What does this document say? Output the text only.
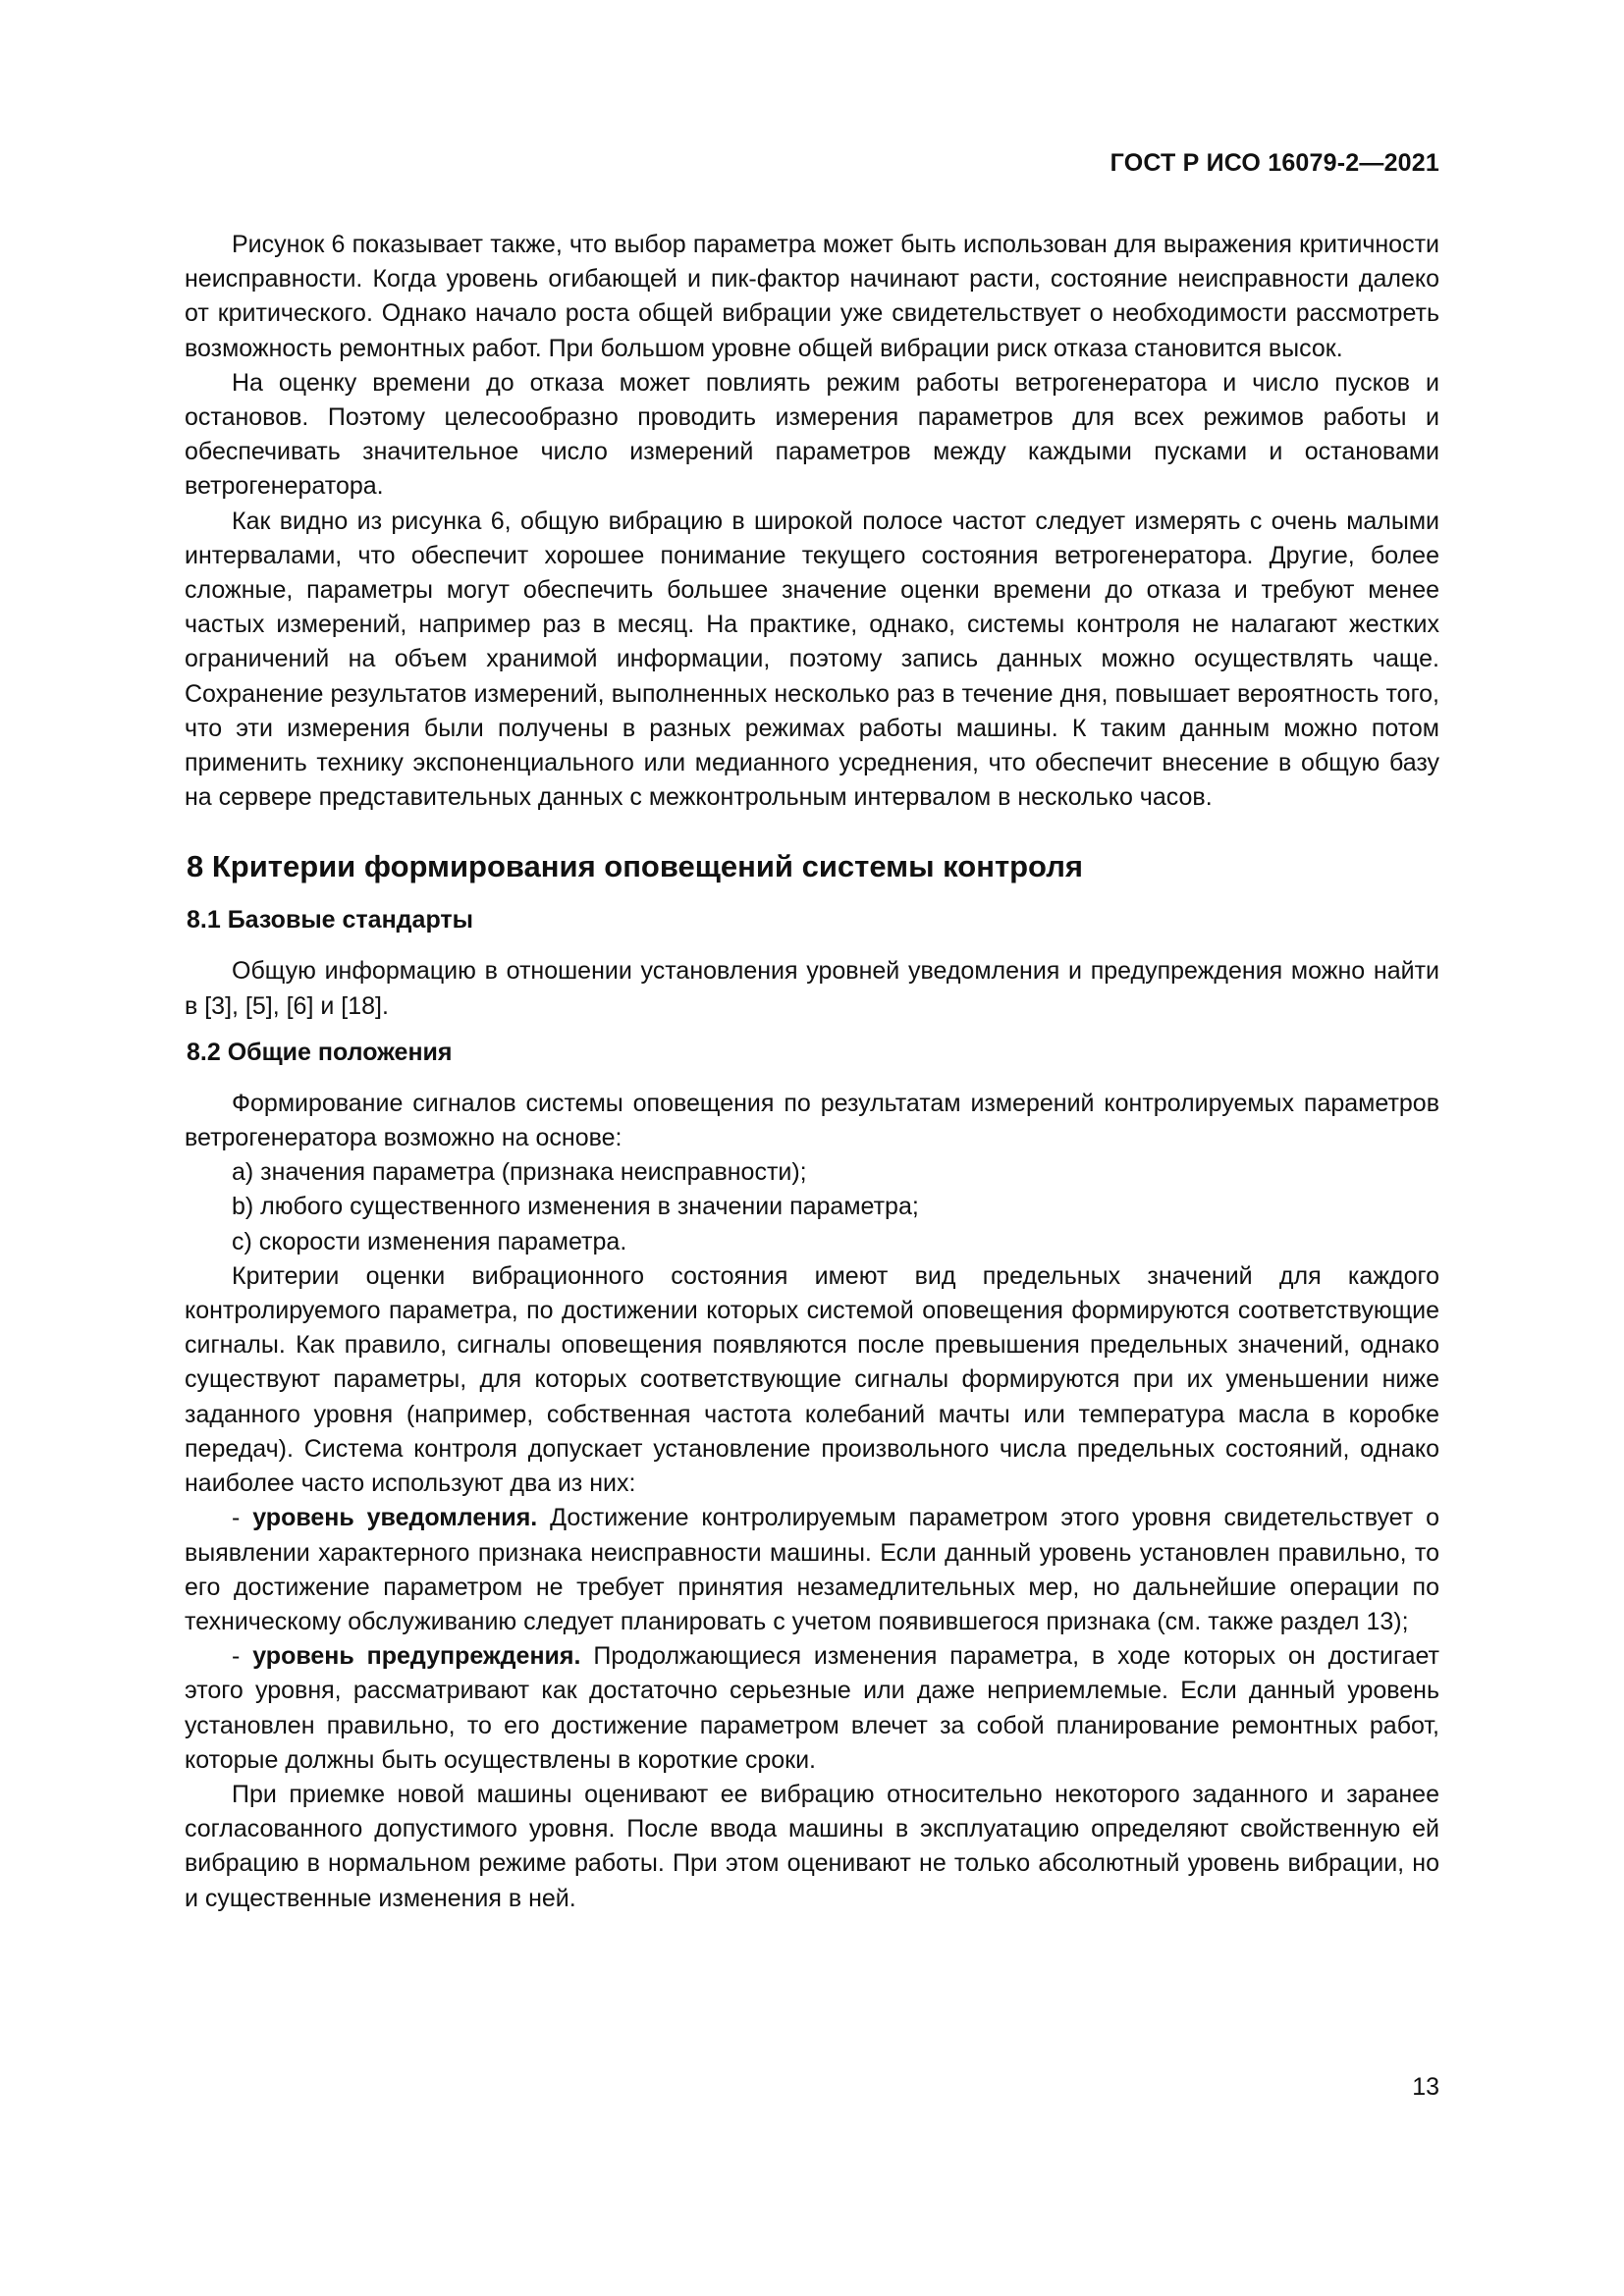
ГОСТ Р ИСО 16079-2—2021

Рисунок 6 показывает также, что выбор параметра может быть использован для выражения критичности неисправности. Когда уровень огибающей и пик-фактор начинают расти, состояние неисправности далеко от критического. Однако начало роста общей вибрации уже свидетельствует о необходимости рассмотреть возможность ремонтных работ. При большом уровне общей вибрации риск отказа становится высок.

На оценку времени до отказа может повлиять режим работы ветрогенератора и число пусков и остановов. Поэтому целесообразно проводить измерения параметров для всех режимов работы и обеспечивать значительное число измерений параметров между каждыми пусками и остановами ветрогенератора.

Как видно из рисунка 6, общую вибрацию в широкой полосе частот следует измерять с очень малыми интервалами, что обеспечит хорошее понимание текущего состояния ветрогенератора. Другие, более сложные, параметры могут обеспечить большее значение оценки времени до отказа и требуют менее частых измерений, например раз в месяц. На практике, однако, системы контроля не налагают жестких ограничений на объем хранимой информации, поэтому запись данных можно осуществлять чаще. Сохранение результатов измерений, выполненных несколько раз в течение дня, повышает вероятность того, что эти измерения были получены в разных режимах работы машины. К таким данным можно потом применить технику экспоненциального или медианного усреднения, что обеспечит внесение в общую базу на сервере представительных данных с межконтрольным интервалом в несколько часов.

8 Критерии формирования оповещений системы контроля
8.1 Базовые стандарты

Общую информацию в отношении установления уровней уведомления и предупреждения можно найти в [3], [5], [6] и [18].

8.2 Общие положения

Формирование сигналов системы оповещения по результатам измерений контролируемых параметров ветрогенератора возможно на основе:

a) значения параметра (признака неисправности);

b) любого существенного изменения в значении параметра;

c) скорости изменения параметра.

Критерии оценки вибрационного состояния имеют вид предельных значений для каждого контролируемого параметра, по достижении которых системой оповещения формируются соответствующие сигналы. Как правило, сигналы оповещения появляются после превышения предельных значений, однако существуют параметры, для которых соответствующие сигналы формируются при их уменьшении ниже заданного уровня (например, собственная частота колебаний мачты или температура масла в коробке передач). Система контроля допускает установление произвольного числа предельных состояний, однако наиболее часто используют два из них:

- уровень уведомления. Достижение контролируемым параметром этого уровня свидетельствует о выявлении характерного признака неисправности машины. Если данный уровень установлен правильно, то его достижение параметром не требует принятия незамедлительных мер, но дальнейшие операции по техническому обслуживанию следует планировать с учетом появившегося признака (см. также раздел 13);

- уровень предупреждения. Продолжающиеся изменения параметра, в ходе которых он достигает этого уровня, рассматривают как достаточно серьезные или даже неприемлемые. Если данный уровень установлен правильно, то его достижение параметром влечет за собой планирование ремонтных работ, которые должны быть осуществлены в короткие сроки.

При приемке новой машины оценивают ее вибрацию относительно некоторого заданного и заранее согласованного допустимого уровня. После ввода машины в эксплуатацию определяют свойственную ей вибрацию в нормальном режиме работы. При этом оценивают не только абсолютный уровень вибрации, но и существенные изменения в ней.

13
